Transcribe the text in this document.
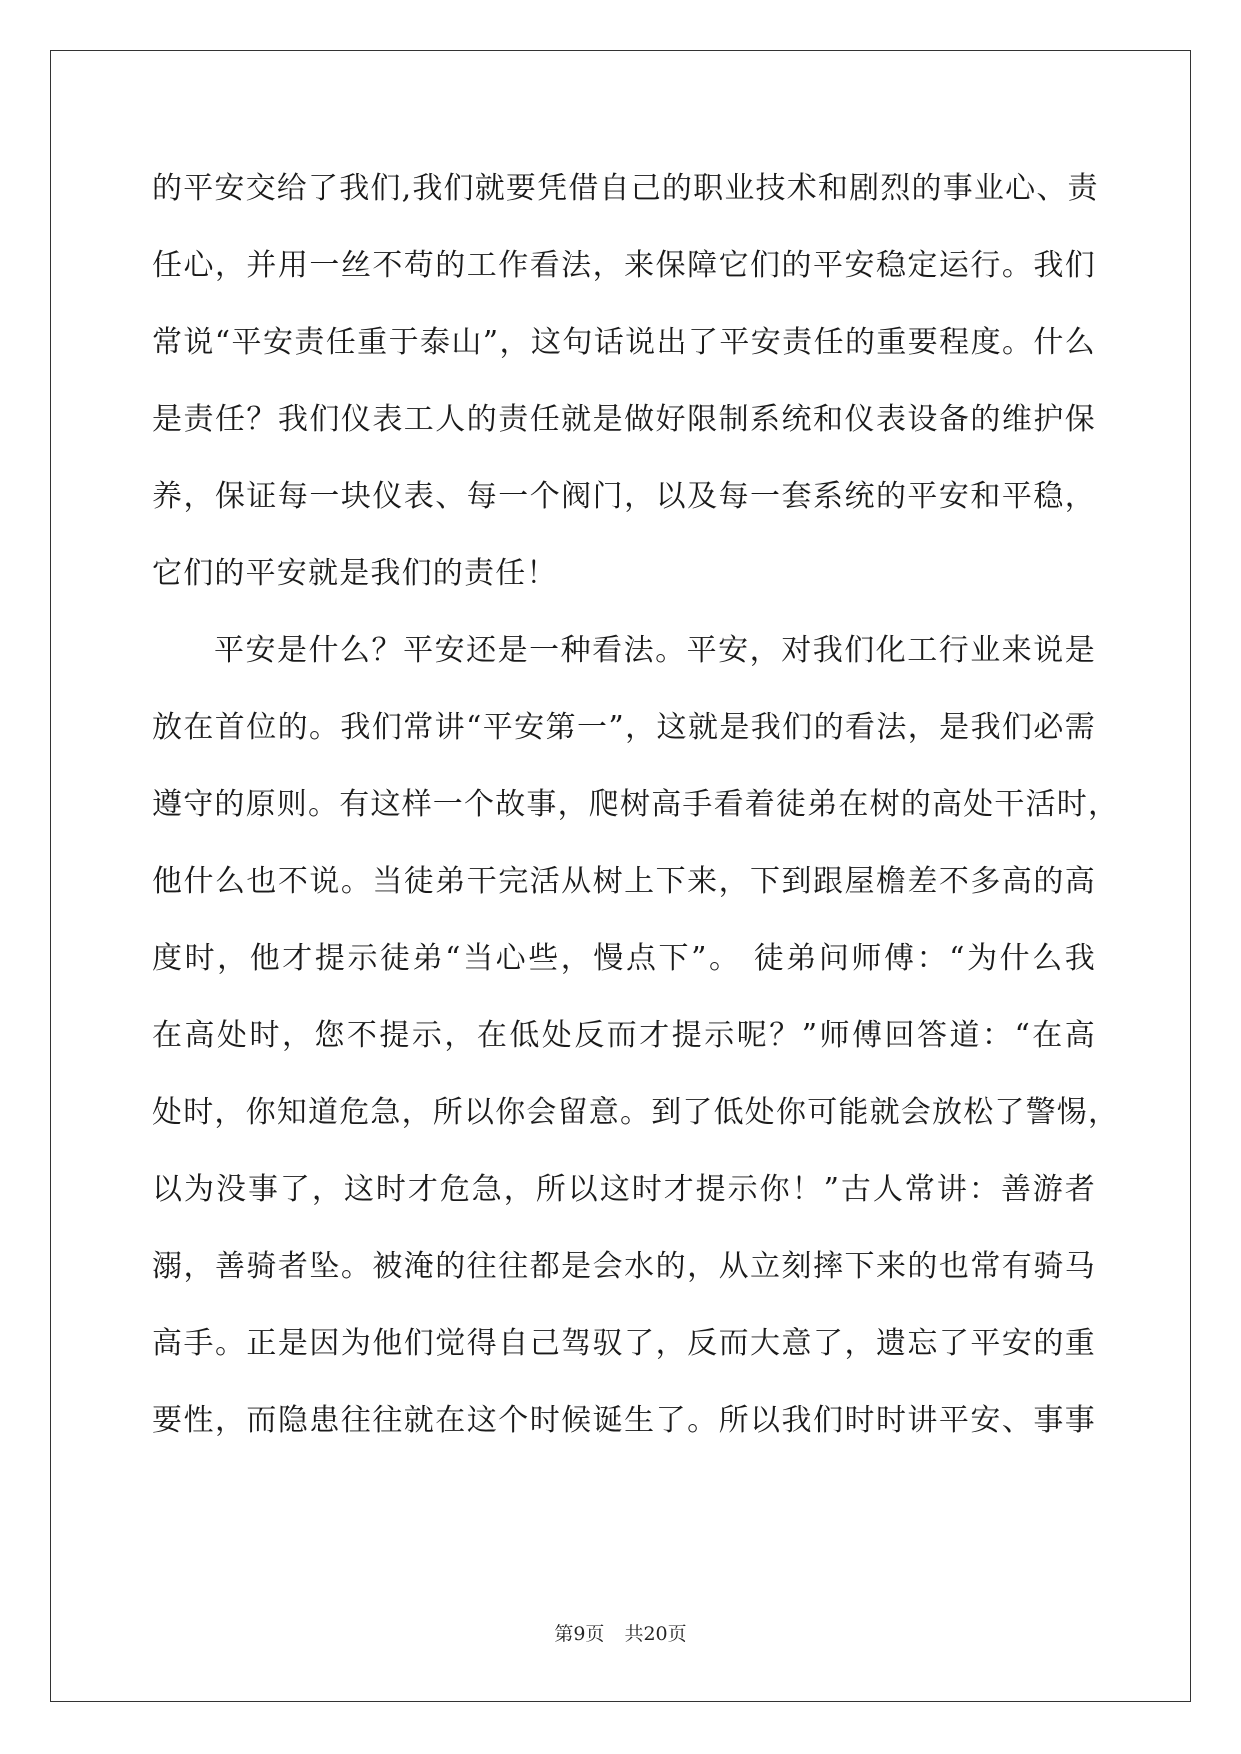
的平安交给了我们,我们就要凭借自己的职业技术和剧烈的事业心、责
任心，并用一丝不苟的工作看法，来保障它们的平安稳定运行。我们
常说“平安责任重于泰山”，这句话说出了平安责任的重要程度。什么
是责任？我们仪表工人的责任就是做好限制系统和仪表设备的维护保
养，保证每一块仪表、每一个阀门，以及每一套系统的平安和平稳，
它们的平安就是我们的责任！
平安是什么？平安还是一种看法。平安，对我们化工行业来说是
放在首位的。我们常讲“平安第一”，这就是我们的看法，是我们必需
遵守的原则。有这样一个故事，爬树高手看着徒弟在树的高处干活时，
他什么也不说。当徒弟干完活从树上下来，下到跟屋檐差不多高的高
度时，他才提示徒弟“当心些，慢点下”。 徒弟问师傅：“为什么我
在高处时，您不提示，在低处反而才提示呢？”师傅回答道：“在高
处时，你知道危急，所以你会留意。到了低处你可能就会放松了警惕，
以为没事了，这时才危急，所以这时才提示你！”古人常讲：善游者
溺，善骑者坠。被淹的往往都是会水的，从立刻摔下来的也常有骑马
高手。正是因为他们觉得自己驾驭了，反而大意了，遗忘了平安的重
要性，而隐患往往就在这个时候诞生了。所以我们时时讲平安、事事
第9页 共20页
